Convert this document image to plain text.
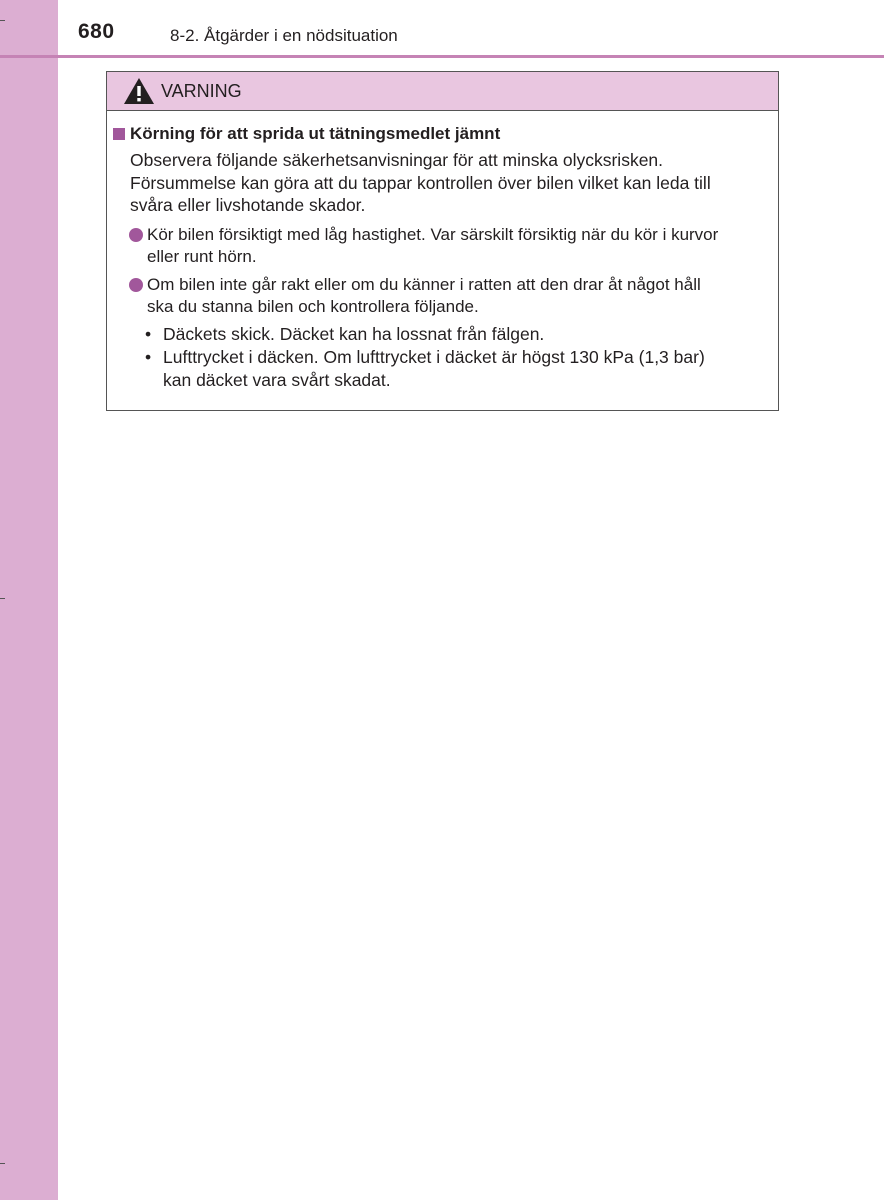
680	8-2. Åtgärder i en nödsituation
VARNING
Körning för att sprida ut tätningsmedlet jämnt
Observera följande säkerhetsanvisningar för att minska olycksrisken.
Försummelse kan göra att du tappar kontrollen över bilen vilket kan leda till
svåra eller livshotande skador.
Kör bilen försiktigt med låg hastighet. Var särskilt försiktig när du kör i kurvor
eller runt hörn.
Om bilen inte går rakt eller om du känner i ratten att den drar åt något håll
ska du stanna bilen och kontrollera följande.
• Däckets skick. Däcket kan ha lossnat från fälgen.
• Lufttrycket i däcken. Om lufttrycket i däcket är högst 130 kPa (1,3 bar)
kan däcket vara svårt skadat.
